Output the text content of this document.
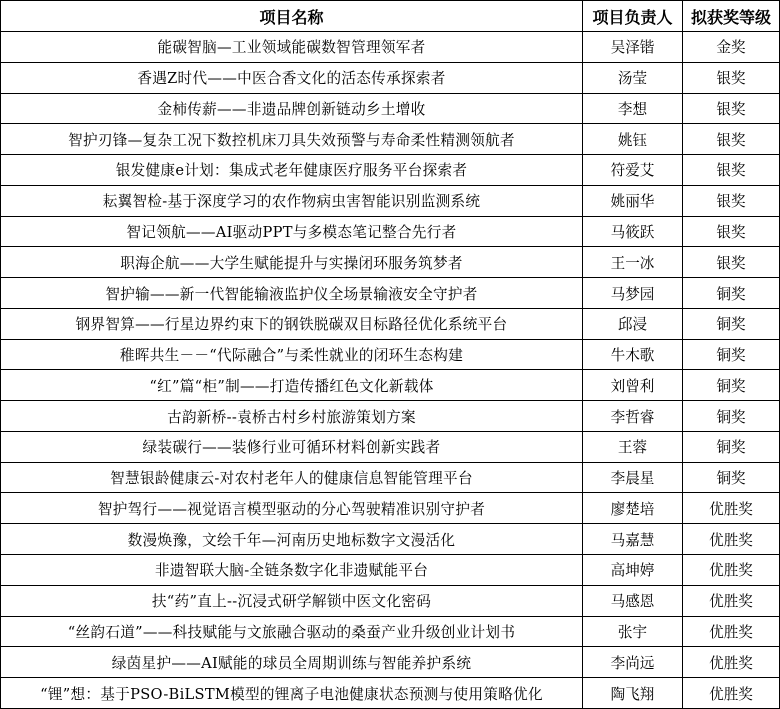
项目名称	项目负责人	拟获奖等级
能碳智脑—工业领域能碳数智管理领军者	吴泽锴	金奖
香遇Z时代——中医合香文化的活态传承探索者	汤莹	银奖
金柿传薪——非遗品牌创新链动乡土增收	李想	银奖
智护刃锋—复杂工况下数控机床刀具失效预警与寿命柔性精测领航者	姚钰	银奖
银发健康e计划：集成式老年健康医疗服务平台探索者	符爱艾	银奖
耘翼智检-基于深度学习的农作物病虫害智能识别监测系统	姚丽华	银奖
智记领航——AI驱动PPT与多模态笔记整合先行者	马筱跃	银奖
职海企航——大学生赋能提升与实操闭环服务筑梦者	王一冰	银奖
智护输——新一代智能输液监护仪全场景输液安全守护者	马梦园	铜奖
钢界智算——行星边界约束下的钢铁脱碳双目标路径优化系统平台	邱浸	铜奖
稚晖共生－－“代际融合”与柔性就业的闭环生态构建	牛木歌	铜奖
“红”篇“柜”制——打造传播红色文化新载体	刘曾利	铜奖
古韵新桥--袁桥古村乡村旅游策划方案	李哲睿	铜奖
绿装碳行——装修行业可循环材料创新实践者	王蓉	铜奖
智慧银龄健康云-对农村老年人的健康信息智能管理平台	李晨星	铜奖
智护驾行——视觉语言模型驱动的分心驾驶精准识别守护者	廖楚培	优胜奖
数漫焕豫，文绘千年—河南历史地标数字文漫活化	马嘉慧	优胜奖
非遗智联大脑-全链条数字化非遗赋能平台	高坤婷	优胜奖
扶“药”直上--沉浸式研学解锁中医文化密码	马感恩	优胜奖
“丝韵石道”——科技赋能与文旅融合驱动的桑蚕产业升级创业计划书	张宇	优胜奖
绿茵星护——AI赋能的球员全周期训练与智能养护系统	李尚远	优胜奖
“锂”想：基于PSO-BiLSTM模型的锂离子电池健康状态预测与使用策略优化	陶飞翔	优胜奖
